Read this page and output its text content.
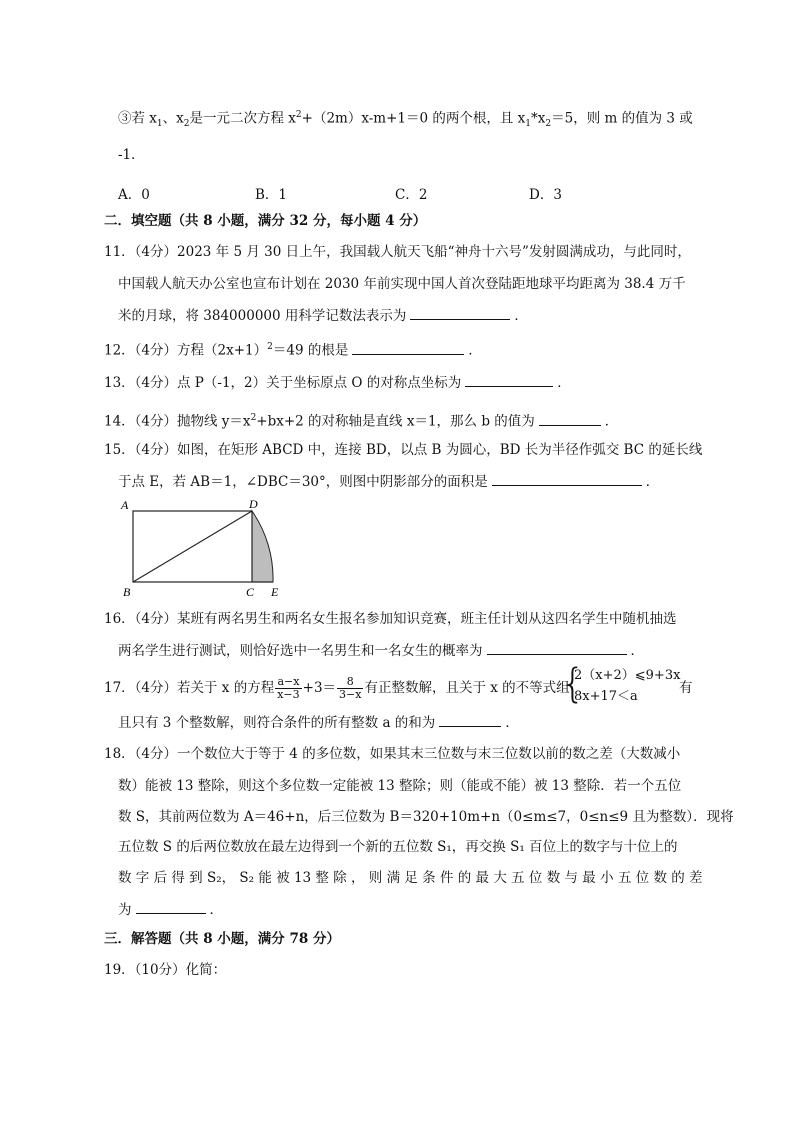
③若 $x_1$、$x_2$是一元二次方程 $x^2+(2m)x-m+1=0$ 的两个根，且 $x_1*x_2=5$，则 m 的值为 3 或
-1．
A．0	B．1	C．2	D．3
二．填空题（共 8 小题，满分 32 分，每小题 4 分）
11．（4分）2023 年 5 月 30 日上午，我国载人航天飞船“神舟十六号”发射圆满成功，与此同时，
中国载人航天办公室也宣布计划在 2030 年前实现中国人首次登陆距地球平均距离为 38.4 万千
米的月球，将 384000000 用科学记数法表示为	．
12．（4分）方程$(2x+1)^2=49$ 的根是	．
13．（4分）点 P（-1，2）关于坐标原点 O 的对称点坐标为	．
14．（4分）抛物线 $y=x^2+bx+2$ 的对称轴是直线 x＝1，那么 b 的值为	．
15．（4分）如图，在矩形 ABCD 中，连接 BD，以点 B 为圆心，BD 长为半径作弧交 BC 的延长线
于点 E，若 AB＝1，∠DBC＝30°，则图中阴影部分的面积是	．
A	D
B	C E
16．（4分）某班有两名男生和两名女生报名参加知识竞赛，班主任计划从这四名学生中随机抽选
两名学生进行测试，则恰好选中一名男生和一名女生的概率为	．
17．（4分）若关于 x 的方程 $\frac{a-x}{x-3} +3= \frac{8}{3-x}$ 有正整数解，且关于 x 的不等式组
{
2（x+2）⩽9+3x
8x+17＜a
有
且只有 3 个整数解，则符合条件的所有整数 a 的和为	．
18．（4分）一个数位大于等于 4 的多位数，如果其末三位数与末三位数以前的数之差（大数减小
数）能被 13 整除，则这个多位数一定能被 13 整除；则（能或不能）被 13 整除．若一个五位
数 S，其前两位数为 A＝46+n，后三位数为 B＝320+10m+n（0≤m≤7，0≤n≤9 且为整数）．现将
五位数 S 的后两位数放在最左边得到一个新的五位数 S₁，再交换 S₁ 百位上的数字与十位上的
数 字 后 得 到 S₂， S₂ 能 被 13 整 除 ， 则 满 足 条 件 的 最 大 五 位 数 与 最 小 五 位 数 的 差
为	．
三．解答题（共 8 小题，满分 78 分）
19．（10分）化简：
